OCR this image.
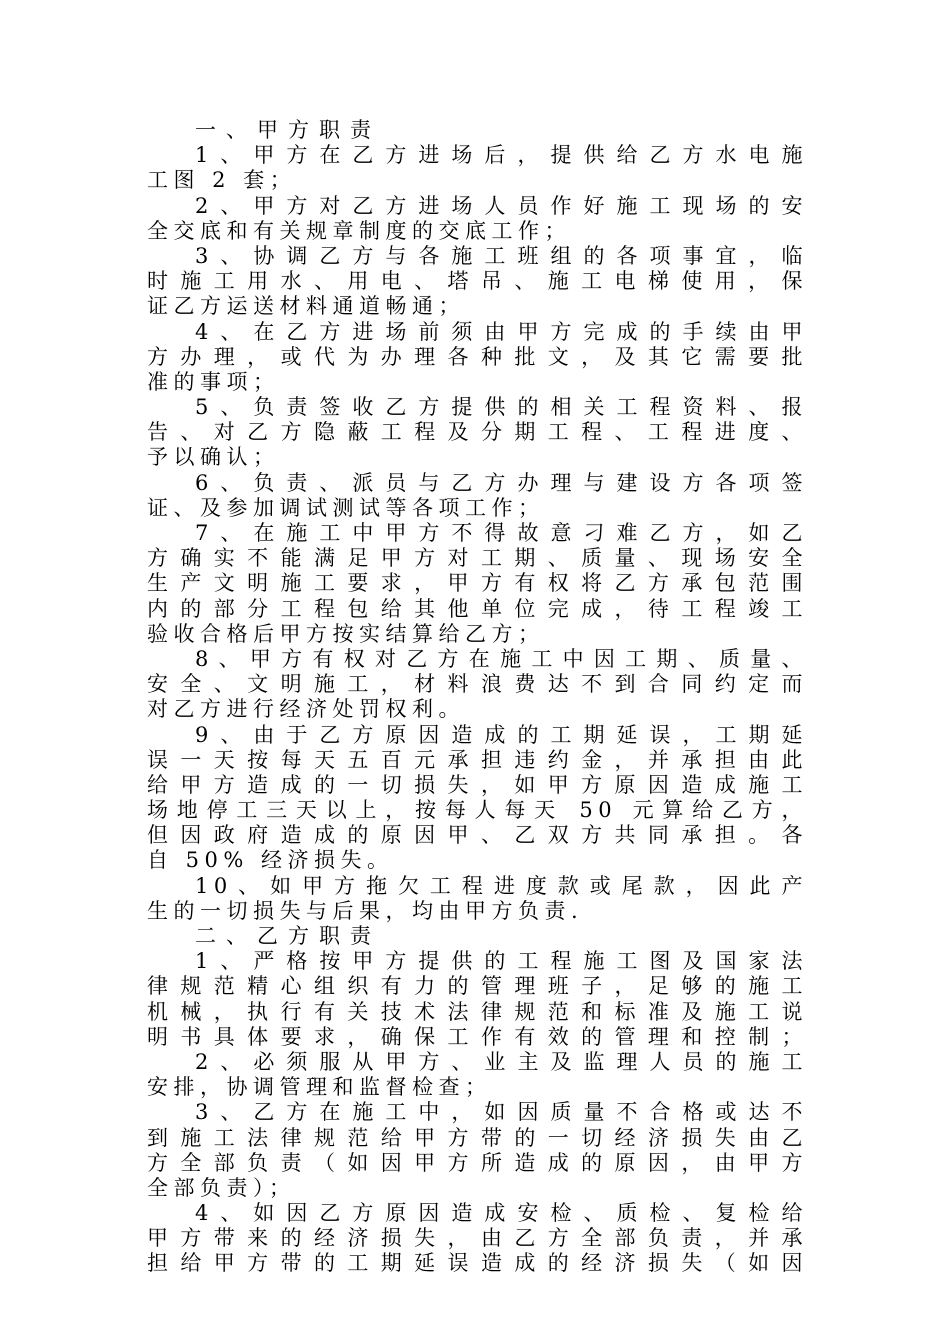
一、甲方职责
1、甲方在乙方进场后，提供给乙方水电施
工图 2 套；
2、甲方对乙方进场人员作好施工现场的安
全交底和有关规章制度的交底工作；
3、协调乙方与各施工班组的各项事宜，临
时施工用水、用电、塔吊、施工电梯使用，保
证乙方运送材料通道畅通；
4、在乙方进场前须由甲方完成的手续由甲
方办理，或代为办理各种批文，及其它需要批
准的事项；
5、负责签收乙方提供的相关工程资料、报
告、对乙方隐蔽工程及分期工程、工程进度、
予以确认；
6、负责、派员与乙方办理与建设方各项签
证、及参加调试测试等各项工作；
7、在施工中甲方不得故意刁难乙方，如乙
方确实不能满足甲方对工期、质量、现场安全
生产文明施工要求，甲方有权将乙方承包范围
内的部分工程包给其他单位完成，待工程竣工
验收合格后甲方按实结算给乙方；
8、甲方有权对乙方在施工中因工期、质量、
安全、文明施工，材料浪费达不到合同约定而
对乙方进行经济处罚权利。
9、由于乙方原因造成的工期延误，工期延
误一天按每天五百元承担违约金，并承担由此
给甲方造成的一切损失，如甲方原因造成施工
场地停工三天以上，按每人每天 50 元算给乙方，
但因政府造成的原因甲、乙双方共同承担。各
自 50% 经济损失。
10、如甲方拖欠工程进度款或尾款，因此产
生的一切损失与后果，均由甲方负责.
二、乙方职责
1、严格按甲方提供的工程施工图及国家法
律规范精心组织有力的管理班子，足够的施工
机械，执行有关技术法律规范和标准及施工说
明书具体要求，确保工作有效的管理和控制；
2、必须服从甲方、业主及监理人员的施工
安排，协调管理和监督检查；
3、乙方在施工中，如因质量不合格或达不
到施工法律规范给甲方带的一切经济损失由乙
方全部负责（如因甲方所造成的原因，由甲方
全部负责）；
4、如因乙方原因造成安检、质检、复检给
甲方带来的经济损失，由乙方全部负责，并承
担给甲方带的工期延误造成的经济损失（如因
